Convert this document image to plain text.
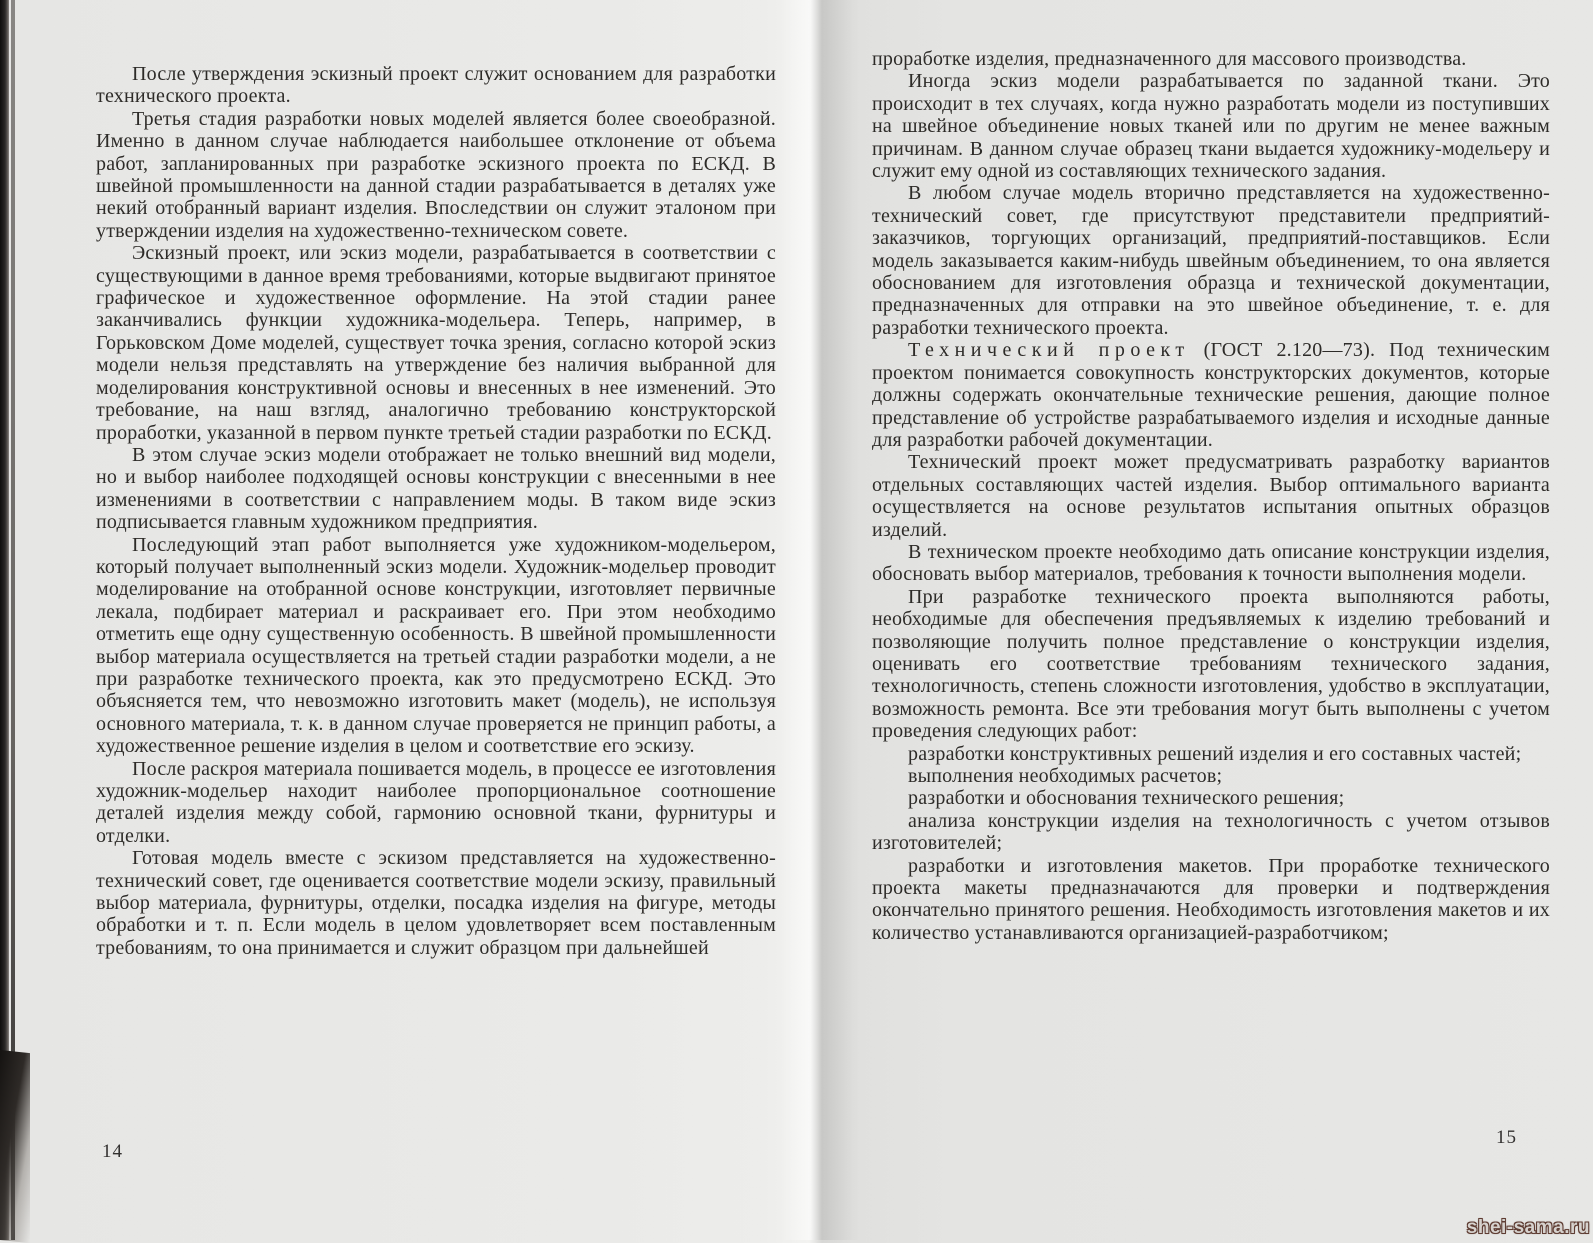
После утверждения эскизный проект служит основанием для разработки технического проекта.

Третья стадия разработки новых моделей является более своеобразной. Именно в данном случае наблюдается наибольшее отклонение от объема работ, запланированных при разработке эскизного проекта по ЕСКД. В швейной промышленности на данной стадии разрабатывается в деталях уже некий отобранный вариант изделия. Впоследствии он служит эталоном при утверждении изделия на художественно-техническом совете.

Эскизный проект, или эскиз модели, разрабатывается в соответствии с существующими в данное время требованиями, которые выдвигают принятое графическое и художественное оформление. На этой стадии ранее заканчивались функции художника-модельера. Теперь, например, в Горьковском Доме моделей, существует точка зрения, согласно которой эскиз модели нельзя представлять на утверждение без наличия выбранной для моделирования конструктивной основы и внесенных в нее изменений. Это требование, на наш взгляд, аналогично требованию конструкторской проработки, указанной в первом пункте третьей стадии разработки по ЕСКД.

В этом случае эскиз модели отображает не только внешний вид модели, но и выбор наиболее подходящей основы конструкции с внесенными в нее изменениями в соответствии с направлением моды. В таком виде эскиз подписывается главным художником предприятия.

Последующий этап работ выполняется уже художником-модельером, который получает выполненный эскиз модели. Художник-модельер проводит моделирование на отобранной основе конструкции, изготовляет первичные лекала, подбирает материал и раскраивает его. При этом необходимо отметить еще одну существенную особенность. В швейной промышленности выбор материала осуществляется на третьей стадии разработки модели, а не при разработке технического проекта, как это предусмотрено ЕСКД. Это объясняется тем, что невозможно изготовить макет (модель), не используя основного материала, т. к. в данном случае проверяется не принцип работы, а художественное решение изделия в целом и соответствие его эскизу.

После раскроя материала пошивается модель, в процессе ее изготовления художник-модельер находит наиболее пропорциональное соотношение деталей изделия между собой, гармонию основной ткани, фурнитуры и отделки.

Готовая модель вместе с эскизом представляется на художественно-технический совет, где оценивается соответствие модели эскизу, правильный выбор материала, фурнитуры, отделки, посадка изделия на фигуре, методы обработки и т. п. Если модель в целом удовлетворяет всем поставленным требованиям, то она принимается и служит образцом при дальнейшей

14

проработке изделия, предназначенного для массового производства.

Иногда эскиз модели разрабатывается по заданной ткани. Это происходит в тех случаях, когда нужно разработать модели из поступивших на швейное объединение новых тканей или по другим не менее важным причинам. В данном случае образец ткани выдается художнику-модельеру и служит ему одной из составляющих технического задания.

В любом случае модель вторично представляется на художественно-технический совет, где присутствуют представители предприятий-заказчиков, торгующих организаций, предприятий-поставщиков. Если модель заказывается каким-нибудь швейным объединением, то она является обоснованием для изготовления образца и технической документации, предназначенных для отправки на это швейное объединение, т. е. для разработки технического проекта.

Технический проект (ГОСТ 2.120—73). Под техническим проектом понимается совокупность конструкторских документов, которые должны содержать окончательные технические решения, дающие полное представление об устройстве разрабатываемого изделия и исходные данные для разработки рабочей документации.

Технический проект может предусматривать разработку вариантов отдельных составляющих частей изделия. Выбор оптимального варианта осуществляется на основе результатов испытания опытных образцов изделий.

В техническом проекте необходимо дать описание конструкции изделия, обосновать выбор материалов, требования к точности выполнения модели.

При разработке технического проекта выполняются работы, необходимые для обеспечения предъявляемых к изделию требований и позволяющие получить полное представление о конструкции изделия, оценивать его соответствие требованиям технического задания, технологичность, степень сложности изготовления, удобство в эксплуатации, возможность ремонта. Все эти требования могут быть выполнены с учетом проведения следующих работ:

разработки конструктивных решений изделия и его составных частей;

выполнения необходимых расчетов;

разработки и обоснования технического решения;

анализа конструкции изделия на технологичность с учетом отзывов изготовителей;

разработки и изготовления макетов. При проработке технического проекта макеты предназначаются для проверки и подтверждения окончательно принятого решения. Необходимость изготовления макетов и их количество устанавливаются организацией-разработчиком;

15
shei-sama.ru
